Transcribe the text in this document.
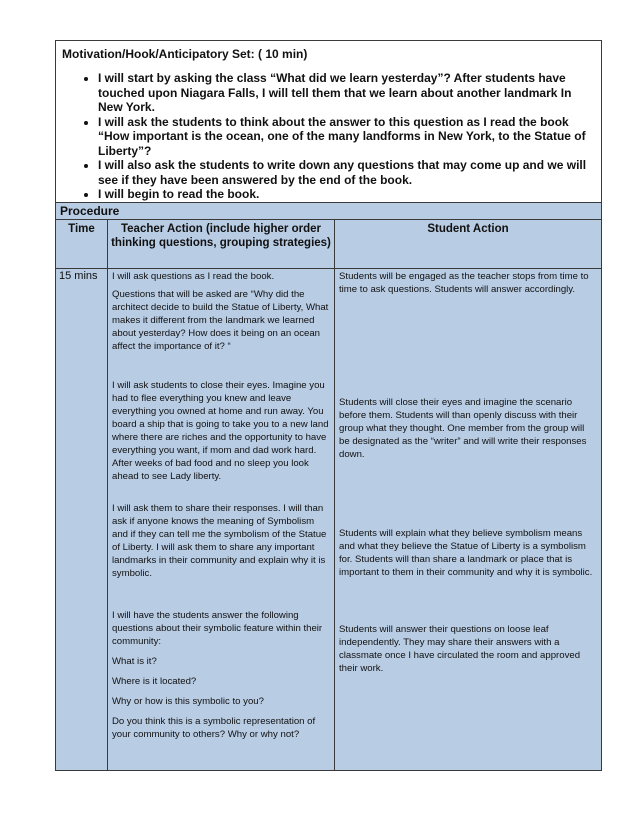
Motivation/Hook/Anticipatory Set: ( 10 min)

• I will start by asking the class “What did we learn yesterday”? After students have touched upon Niagara Falls, I will tell them that we learn about another landmark In New York.
• I will ask the students to think about the answer to this question as I read the book “How important is the ocean, one of the many landforms in New York, to the Statue of Liberty”?
• I will also ask the students to write down any questions that may come up and we will see if they have been answered by the end of the book.
• I will begin to read the book.
Procedure
Time	Teacher Action (include higher order thinking questions, grouping strategies)
Student Action
15 mins	I will ask questions as I read the book.

Questions that will be asked are “Why did the architect decide to build the Statue of Liberty, What makes it different from the landmark we learned about yesterday? How does it being on an ocean affect the importance of it? “

I will ask students to close their eyes. Imagine you had to flee everything you knew and leave everything you owned at home and run away. You board a ship that is going to take you to a new land where there are riches and the opportunity to have everything you want, if mom and dad work hard. After weeks of bad food and no sleep you look ahead to see Lady liberty.

I will ask them to share their responses. I will than ask if anyone knows the meaning of Symbolism and if they can tell me the symbolism of the Statue of Liberty. I will ask them to share any important landmarks in their community and explain why it is symbolic.

I will have the students answer the following questions about their symbolic feature within their community:

What is it?

Where is it located?

Why or how is this symbolic to you?

Do you think this is a symbolic representation of your community to others? Why or why not?

Students will be engaged as the teacher stops from time to time to ask questions. Students will answer accordingly.

Students will close their eyes and imagine the scenario before them. Students will than openly discuss with their group what they thought. One member from the group will be designated as the “writer” and will write their responses down.

Students will explain what they believe symbolism means and what they believe the Statue of Liberty is a symbolism for. Students will than share a landmark or place that is important to them in their community and why it is symbolic.

Students will answer their questions on loose leaf independently. They may share their answers with a classmate once I have circulated the room and approved their work.
